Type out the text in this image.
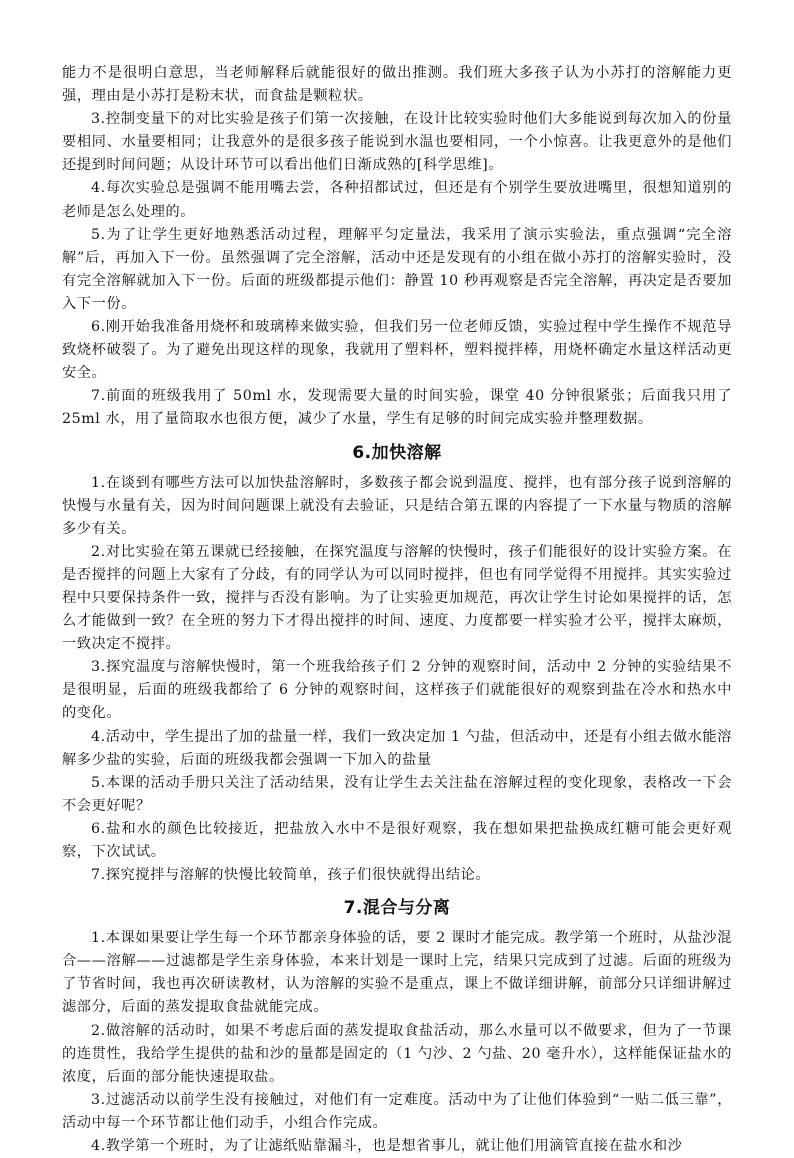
能力不是很明白意思，当老师解释后就能很好的做出推测。我们班大多孩子认为小苏打的溶解能力更强，理由是小苏打是粉末状，而食盐是颗粒状。

3.控制变量下的对比实验是孩子们第一次接触，在设计比较实验时他们大多能说到每次加入的份量要相同、水量要相同；让我意外的是很多孩子能说到水温也要相同，一个小惊喜。让我更意外的是他们还提到时间问题；从设计环节可以看出他们日渐成熟的[科学思维]。

4.每次实验总是强调不能用嘴去尝，各种招都试过，但还是有个别学生要放进嘴里，很想知道别的老师是怎么处理的。

5.为了让学生更好地熟悉活动过程，理解平匀定量法，我采用了演示实验法，重点强调“完全溶解”后，再加入下一份。虽然强调了完全溶解，活动中还是发现有的小组在做小苏打的溶解实验时，没有完全溶解就加入下一份。后面的班级都提示他们：静置 10 秒再观察是否完全溶解，再决定是否要加入下一份。

6.刚开始我准备用烧杯和玻璃棒来做实验，但我们另一位老师反馈，实验过程中学生操作不规范导致烧杯破裂了。为了避免出现这样的现象，我就用了塑料杯，塑料搅拌棒，用烧杯确定水量这样活动更安全。

7.前面的班级我用了 50ml 水，发现需要大量的时间实验，课堂 40 分钟很紧张；后面我只用了 25ml 水，用了量筒取水也很方便，减少了水量，学生有足够的时间完成实验并整理数据。

6.加快溶解

1.在谈到有哪些方法可以加快盐溶解时，多数孩子都会说到温度、搅拌，也有部分孩子说到溶解的快慢与水量有关，因为时间问题课上就没有去验证，只是结合第五课的内容提了一下水量与物质的溶解多少有关。

2.对比实验在第五课就已经接触，在探究温度与溶解的快慢时，孩子们能很好的设计实验方案。在是否搅拌的问题上大家有了分歧，有的同学认为可以同时搅拌，但也有同学觉得不用搅拌。其实实验过程中只要保持条件一致，搅拌与否没有影响。为了让实验更加规范，再次让学生讨论如果搅拌的话，怎么才能做到一致？在全班的努力下才得出搅拌的时间、速度、力度都要一样实验才公平，搅拌太麻烦，一致决定不搅拌。

3.探究温度与溶解快慢时，第一个班我给孩子们 2 分钟的观察时间，活动中 2 分钟的实验结果不是很明显，后面的班级我都给了 6 分钟的观察时间，这样孩子们就能很好的观察到盐在冷水和热水中的变化。

4.活动中，学生提出了加的盐量一样，我们一致决定加 1 勺盐，但活动中，还是有小组去做水能溶解多少盐的实验，后面的班级我都会强调一下加入的盐量

5.本课的活动手册只关注了活动结果，没有让学生去关注盐在溶解过程的变化现象，表格改一下会不会更好呢？

6.盐和水的颜色比较接近，把盐放入水中不是很好观察，我在想如果把盐换成红糖可能会更好观察，下次试试。

7.探究搅拌与溶解的快慢比较简单，孩子们很快就得出结论。

7.混合与分离

1.本课如果要让学生每一个环节都亲身体验的话，要 2 课时才能完成。教学第一个班时，从盐沙混合——溶解——过滤都是学生亲身体验，本来计划是一课时上完，结果只完成到了过滤。后面的班级为了节省时间，我也再次研读教材，认为溶解的实验不是重点，课上不做详细讲解，前部分只详细讲解过滤部分，后面的蒸发提取食盐就能完成。

2.做溶解的活动时，如果不考虑后面的蒸发提取食盐活动，那么水量可以不做要求，但为了一节课的连贯性，我给学生提供的盐和沙的量都是固定的（1 勺沙、2 勺盐、20 毫升水），这样能保证盐水的浓度，后面的部分能快速提取盐。

3.过滤活动以前学生没有接触过，对他们有一定难度。活动中为了让他们体验到“一贴二低三靠”，活动中每一个环节都让他们动手，小组合作完成。

4.教学第一个班时，为了让滤纸贴靠漏斗，也是想省事儿，就让他们用滴管直接在盐水和沙
